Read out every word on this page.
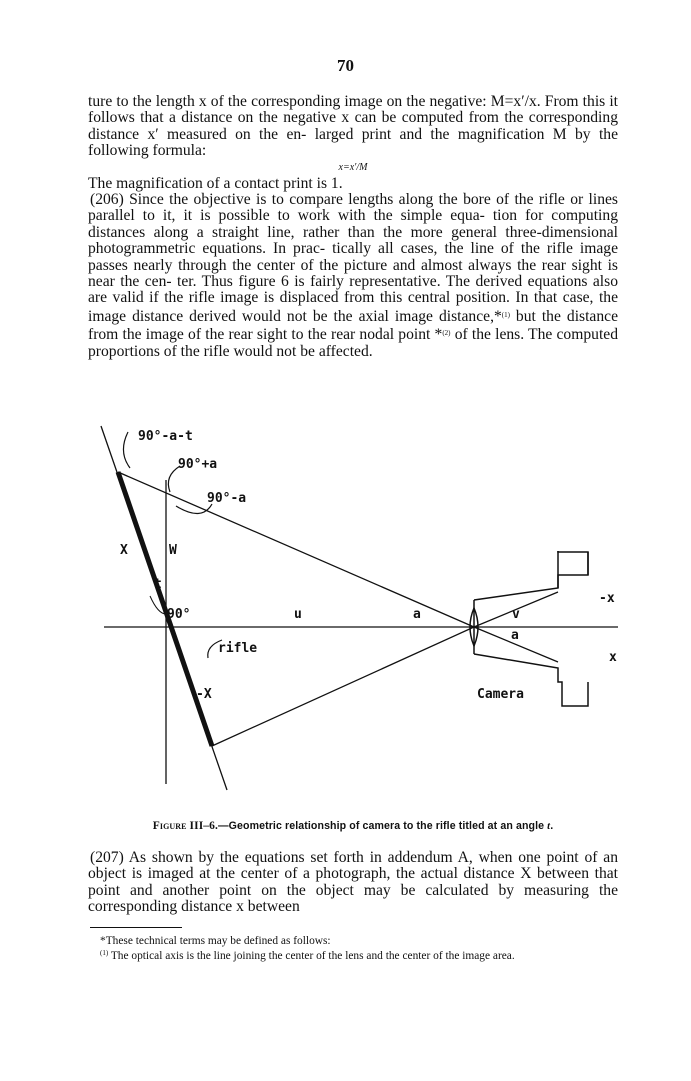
70

ture to the length x of the corresponding image on the negative: M=x′/x. From this it follows that a distance on the negative x can be computed from the corresponding distance x′ measured on the en- larged print and the magnification M by the following formula:

x=x′/M

The magnification of a contact print is 1.

(206) Since the objective is to compare lengths along the bore of the rifle or lines parallel to it, it is possible to work with the simple equa- tion for computing distances along a straight line, rather than the more general three-dimensional photogrammetric equations. In prac- tically all cases, the line of the rifle image passes nearly through the center of the picture and almost always the rear sight is near the cen- ter. Thus figure 6 is fairly representative. The derived equations also are valid if the rifle image is displaced from this central position. In that case, the image distance derived would not be the axial image distance,*$^{(1)}$ but the distance from the image of the rear sight to the rear nodal point *$^{(2)}$ of the lens. The computed proportions of the rifle would not be affected.

90°-a-t
90°+a
90°-a
X	W
t
90°	u	a	v
a
-x
x
rifle
-X	Camera
Figure III–6.—Geometric relationship of camera to the rifle titled at an angle t.

(207) As shown by the equations set forth in addendum A, when one point of an object is imaged at the center of a photograph, the actual distance X between that point and another point on the object may be calculated by measuring the corresponding distance x between

*These technical terms may be defined as follows:

$^{(1)}$ The optical axis is the line joining the center of the lens and the center of the image area.
